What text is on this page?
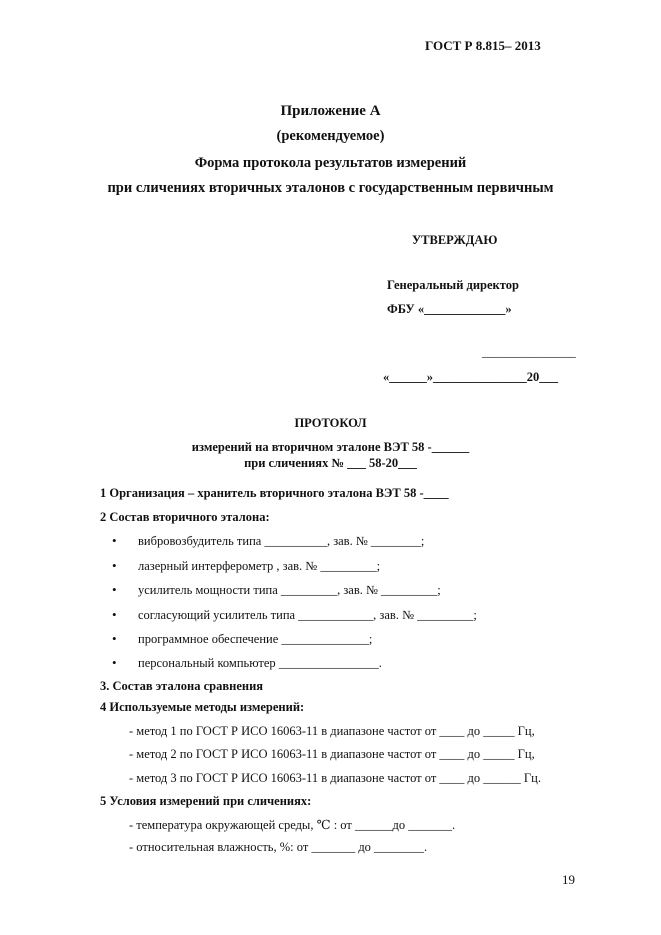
ГОСТ Р 8.815– 2013
Приложение А
(рекомендуемое)
Форма протокола результатов измерений
при сличениях вторичных эталонов с государственным первичным
УТВЕРЖДАЮ
Генеральный директор
ФБУ «_____________»
_______________
«______»_______________20___
ПРОТОКОЛ
измерений на вторичном эталоне ВЭТ 58 -______
при сличениях № ___ 58-20___
1 Организация – хранитель вторичного эталона ВЭТ 58 -____
2 Состав вторичного эталона:
• вибровозбудитель типа __________, зав. № ________;
• лазерный интерферометр , зав. № _________;
• усилитель мощности типа _________, зав. № _________;
• согласующий усилитель типа ____________, зав. № _________;
• программное обеспечение ______________;
• персональный компьютер ________________.
3. Состав эталона сравнения
4 Используемые методы измерений:
- метод 1 по ГОСТ Р ИСО 16063-11 в диапазоне частот от ____ до _____ Гц,
- метод 2 по ГОСТ Р ИСО 16063-11 в диапазоне частот от ____ до _____ Гц,
- метод 3 по ГОСТ Р ИСО 16063-11 в диапазоне частот от ____ до ______ Гц.
5 Условия измерений при сличениях:
- температура окружающей среды, ℃ : от ______до _______.
- относительная влажность, %: от _______ до ________.
19
